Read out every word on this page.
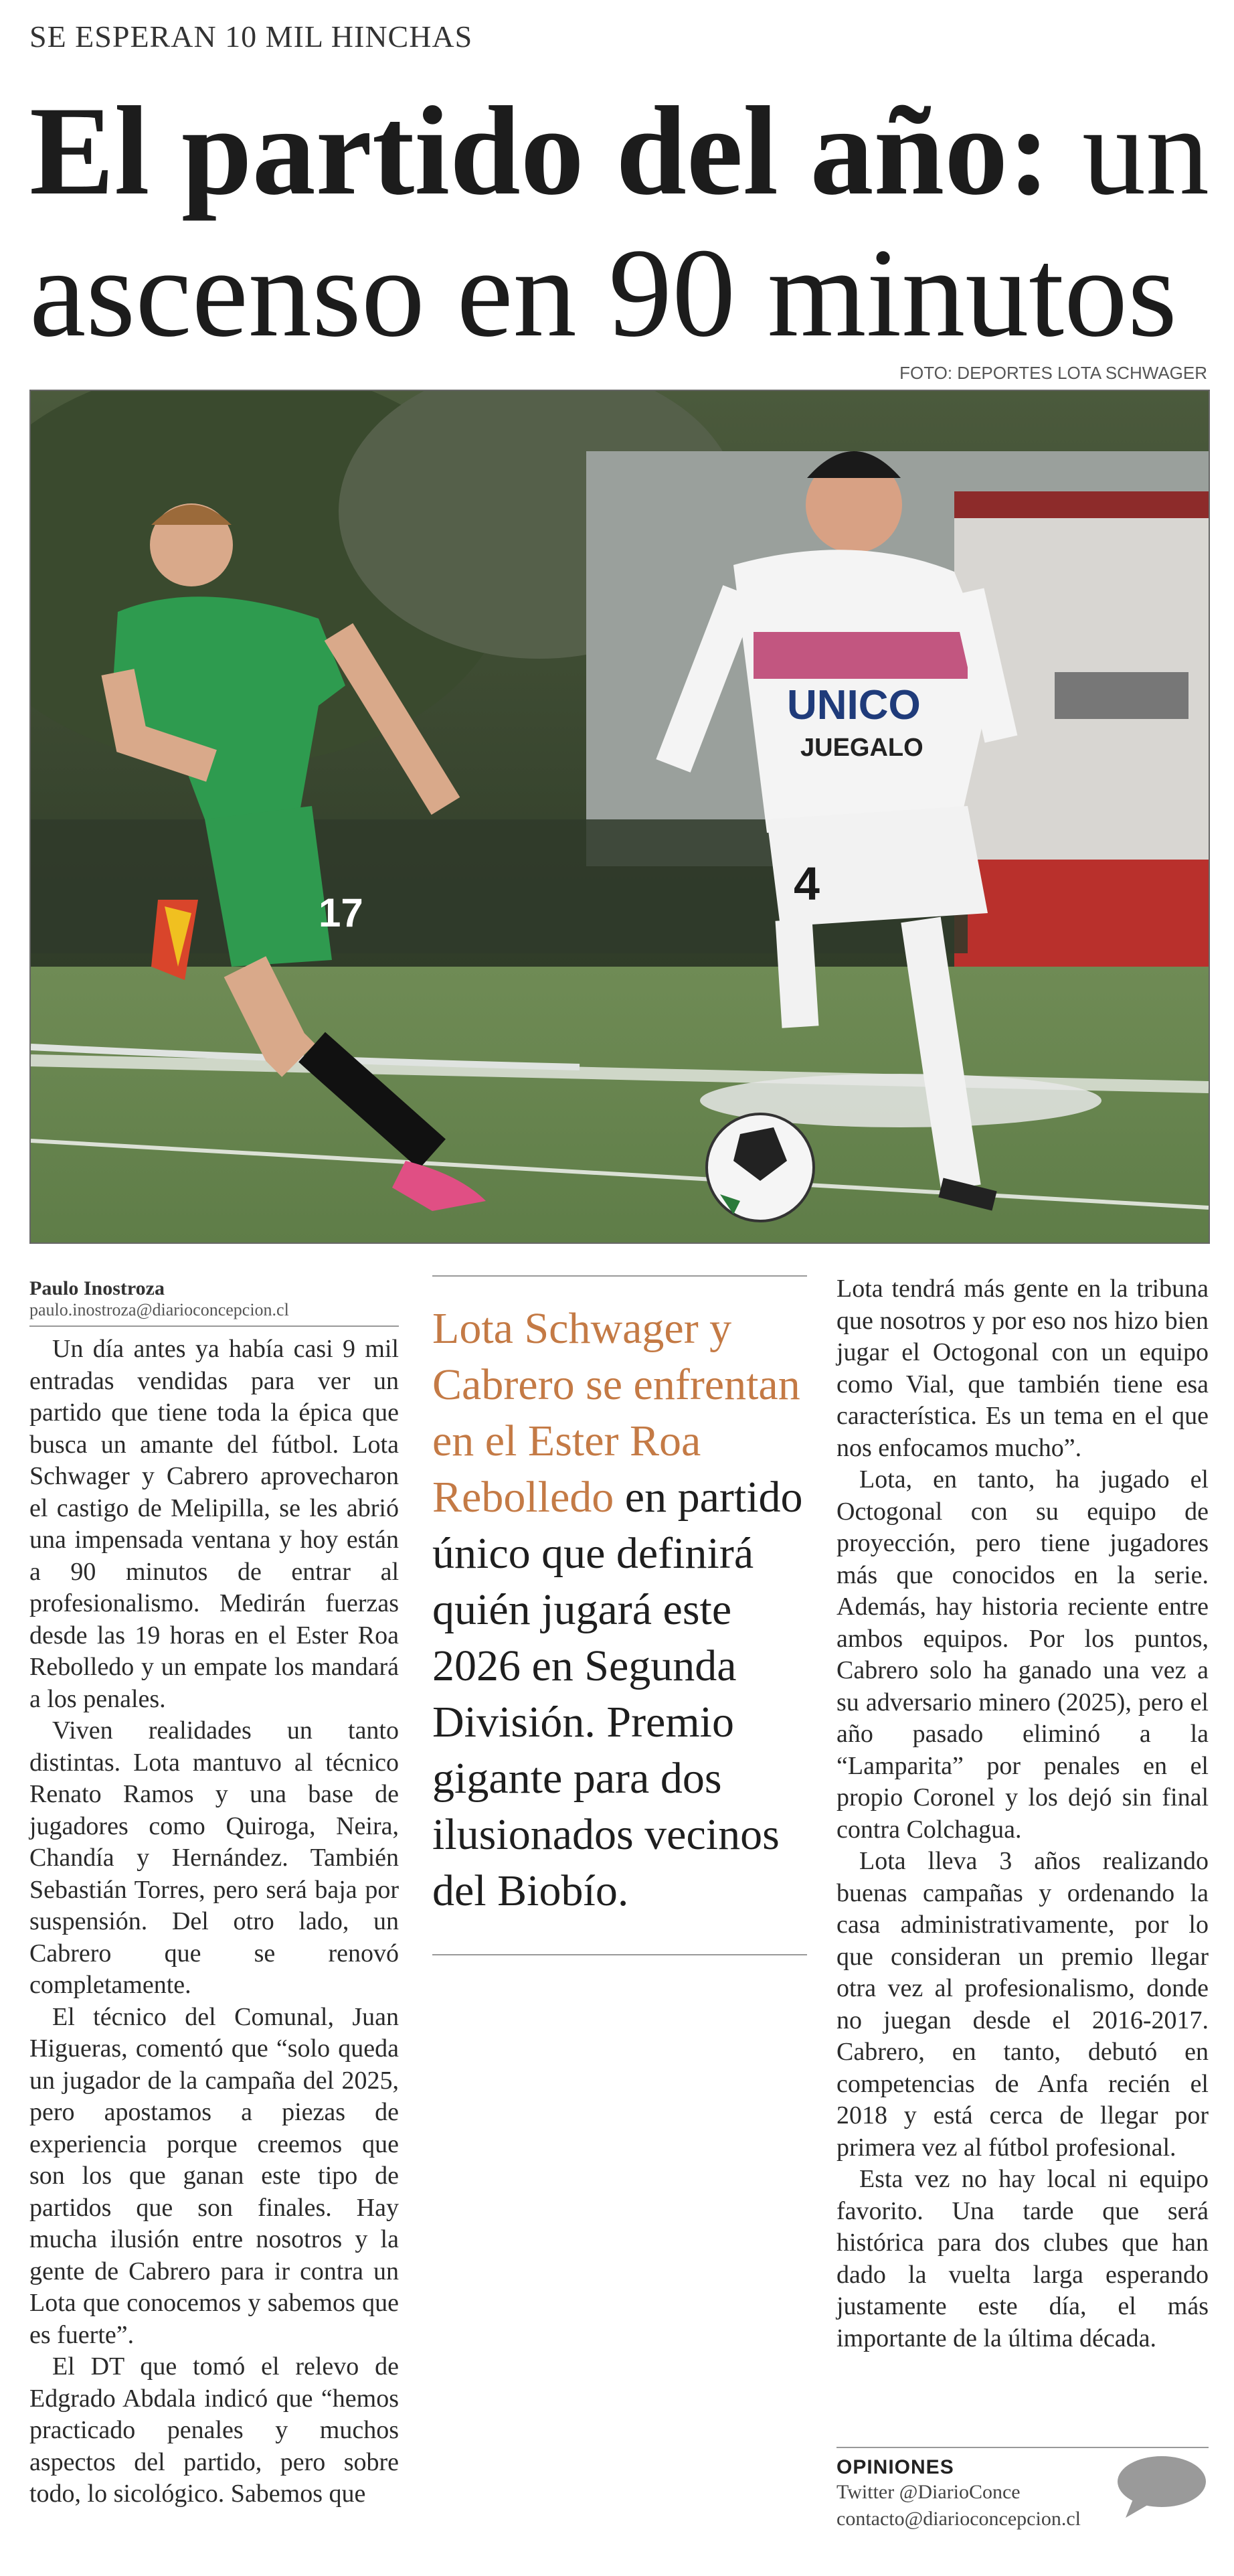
SE ESPERAN 10 MIL HINCHAS
El partido del año: un ascenso en 90 minutos
FOTO: DEPORTES LOTA SCHWAGER
17
UNICO
JUEGALO
4
Paulo Inostroza
paulo.inostroza@diarioconcepcion.cl

Un día antes ya había casi 9 mil entradas vendidas para ver un partido que tiene toda la épica que busca un amante del fútbol. Lota Schwager y Cabrero aprovecharon el castigo de Melipilla, se les abrió una impensada ventana y hoy están a 90 minutos de entrar al profesionalismo. Medirán fuerzas desde las 19 horas en el Ester Roa Rebolledo y un empate los mandará a los penales.

Viven realidades un tanto distintas. Lota mantuvo al técnico Renato Ramos y una base de jugadores como Quiroga, Neira, Chandía y Hernández. También Sebastián Torres, pero será baja por suspensión. Del otro lado, un Cabrero que se renovó completamente.

El técnico del Comunal, Juan Higueras, comentó que “solo queda un jugador de la campaña del 2025, pero apostamos a piezas de experiencia porque creemos que son los que ganan este tipo de partidos que son finales. Hay mucha ilusión entre nosotros y la gente de Cabrero para ir contra un Lota que conocemos y sabemos que es fuerte”.

El DT que tomó el relevo de Edgrado Abdala indicó que “hemos practicado penales y muchos aspectos del partido, pero sobre todo, lo sicológico. Sabemos que

Lota Schwager y Cabrero se enfrentan en el Ester Roa Rebolledo en partido único que definirá quién jugará este 2026 en Segunda División. Premio gigante para dos ilusionados vecinos del Biobío.

Lota tendrá más gente en la tribuna que nosotros y por eso nos hizo bien jugar el Octogonal con un equipo como Vial, que también tiene esa característica. Es un tema en el que nos enfocamos mucho”.

Lota, en tanto, ha jugado el Octogonal con su equipo de proyección, pero tiene jugadores más que conocidos en la serie. Además, hay historia reciente entre ambos equipos. Por los puntos, Cabrero solo ha ganado una vez a su adversario minero (2025), pero el año pasado eliminó a la “Lamparita” por penales en el propio Coronel y los dejó sin final contra Colchagua.

Lota lleva 3 años realizando buenas campañas y ordenando la casa administrativamente, por lo que consideran un premio llegar otra vez al profesionalismo, donde no juegan desde el 2016-2017. Cabrero, en tanto, debutó en competencias de Anfa recién el 2018 y está cerca de llegar por primera vez al fútbol profesional.

Esta vez no hay local ni equipo favorito. Una tarde que será histórica para dos clubes que han dado la vuelta larga esperando justamente este día, el más importante de la última década.

OPINIONES
Twitter @DiarioConce
contacto@diarioconcepcion.cl
